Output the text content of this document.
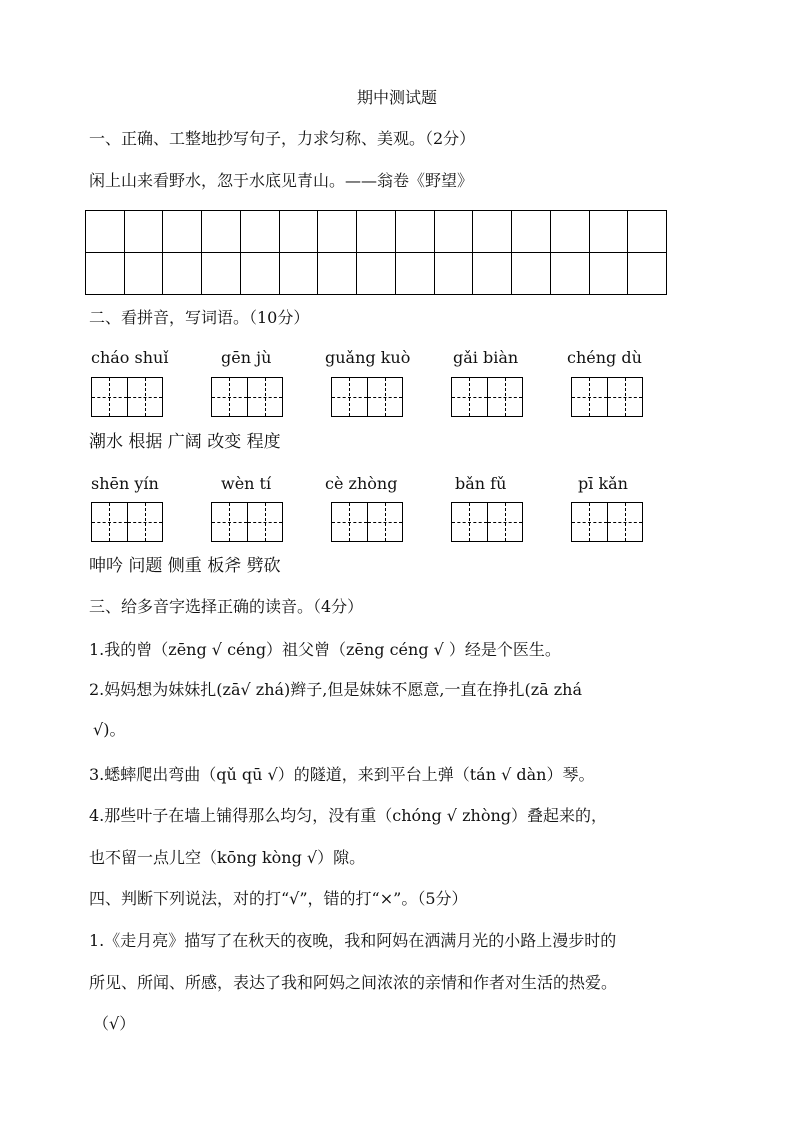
期中测试题
一、正确、工整地抄写句子，力求匀称、美观。（2分）
闲上山来看野水，忽于水底见青山。——翁卷《野望》
二、看拼音，写词语。（10分）
cháo shuǐ	gēn jù	guǎng kuò	gǎi biàn	chéng dù
潮水 根据 广阔 改变 程度
shēn yín	wèn tí	cè zhòng	bǎn fǔ	pī kǎn
呻吟 问题 侧重 板斧 劈砍
三、给多音字选择正确的读音。（4分）
1.我的曾（zēng √ céng）祖父曾（zēng céng √ ）经是个医生。
2.妈妈想为妹妹扎(zā√ zhá)辫子,但是妹妹不愿意,一直在挣扎(zā zhá
√)。
3.蟋蟀爬出弯曲（qǔ qū √）的隧道，来到平台上弹（tán √ dàn）琴。
4.那些叶子在墙上铺得那么均匀，没有重（chóng √ zhòng）叠起来的，
也不留一点儿空（kōng kòng √）隙。
四、判断下列说法，对的打“√”，错的打“×”。（5分）
1.《走月亮》描写了在秋天的夜晚，我和阿妈在洒满月光的小路上漫步时的
所见、所闻、所感，表达了我和阿妈之间浓浓的亲情和作者对生活的热爱。
（√）
